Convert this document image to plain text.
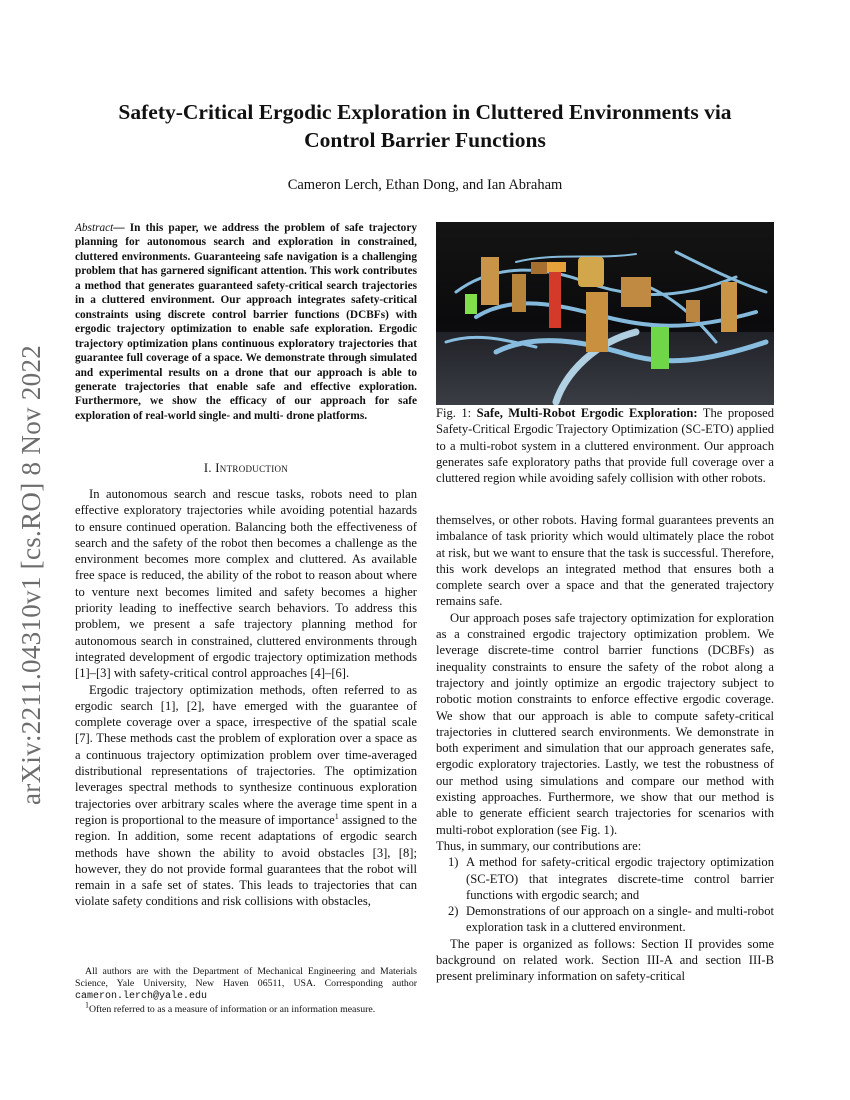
arXiv:2211.04310v1 [cs.RO] 8 Nov 2022
Safety-Critical Ergodic Exploration in Cluttered Environments via
Control Barrier Functions
Cameron Lerch, Ethan Dong, and Ian Abraham
Abstract— In this paper, we address the problem of safe trajectory planning for autonomous search and exploration in constrained, cluttered environments. Guaranteeing safe navigation is a challenging problem that has garnered significant attention. This work contributes a method that generates guaranteed safety-critical search trajectories in a cluttered environment. Our approach integrates safety-critical constraints using discrete control barrier functions (DCBFs) with ergodic trajectory optimization to enable safe exploration. Ergodic trajectory optimization plans continuous exploratory trajectories that guarantee full coverage of a space. We demonstrate through simulated and experimental results on a drone that our approach is able to generate trajectories that enable safe and effective exploration. Furthermore, we show the efficacy of our approach for safe exploration of real-world single- and multi- drone platforms.
I. Introduction

In autonomous search and rescue tasks, robots need to plan effective exploratory trajectories while avoiding potential hazards to ensure continued operation. Balancing both the effectiveness of search and the safety of the robot then becomes a challenge as the environment becomes more complex and cluttered. As available free space is reduced, the ability of the robot to reason about where to venture next becomes limited and safety becomes a higher priority leading to ineffective search behaviors. To address this problem, we present a safe trajectory planning method for autonomous search in constrained, cluttered environments through integrated development of ergodic trajectory optimization methods [1]–[3] with safety-critical control approaches [4]–[6].

Ergodic trajectory optimization methods, often referred to as ergodic search [1], [2], have emerged with the guarantee of complete coverage over a space, irrespective of the spatial scale [7]. These methods cast the problem of exploration over a space as a continuous trajectory optimization problem over time-averaged distributional representations of trajectories. The optimization leverages spectral methods to synthesize continuous exploration trajectories over arbitrary scales where the average time spent in a region is proportional to the measure of importance$^1$ assigned to the region. In addition, some recent adaptations of ergodic search methods have shown the ability to avoid obstacles [3], [8]; however, they do not provide formal guarantees that the robot will remain in a safe set of states. This leads to trajectories that can violate safety conditions and risk collisions with obstacles,

All authors are with the Department of Mechanical Engineering and Materials Science, Yale University, New Haven 06511, USA. Corresponding author cameron.lerch@yale.edu

$^1$Often referred to as a measure of information or an information measure.

Fig. 1: Safe, Multi-Robot Ergodic Exploration: The proposed Safety-Critical Ergodic Trajectory Optimization (SC-ETO) applied to a multi-robot system in a cluttered environment. Our approach generates safe exploratory paths that provide full coverage over a cluttered region while avoiding safely collision with other robots.

themselves, or other robots. Having formal guarantees prevents an imbalance of task priority which would ultimately place the robot at risk, but we want to ensure that the task is successful. Therefore, this work develops an integrated method that ensures both a complete search over a space and that the generated trajectory remains safe.

Our approach poses safe trajectory optimization for exploration as a constrained ergodic trajectory optimization problem. We leverage discrete-time control barrier functions (DCBFs) as inequality constraints to ensure the safety of the robot along a trajectory and jointly optimize an ergodic trajectory subject to robotic motion constraints to enforce effective ergodic coverage. We show that our approach is able to compute safety-critical trajectories in cluttered search environments. We demonstrate in both experiment and simulation that our approach generates safe, ergodic exploratory trajectories. Lastly, we test the robustness of our method using simulations and compare our method with existing approaches. Furthermore, we show that our method is able to generate efficient search trajectories for scenarios with multi-robot exploration (see Fig. 1).

Thus, in summary, our contributions are:

1) A method for safety-critical ergodic trajectory optimization (SC-ETO) that integrates discrete-time control barrier functions with ergodic search; and
2) Demonstrations of our approach on a single- and multi-robot exploration task in a cluttered environment.

The paper is organized as follows: Section II provides some background on related work. Section III-A and section III-B present preliminary information on safety-critical
